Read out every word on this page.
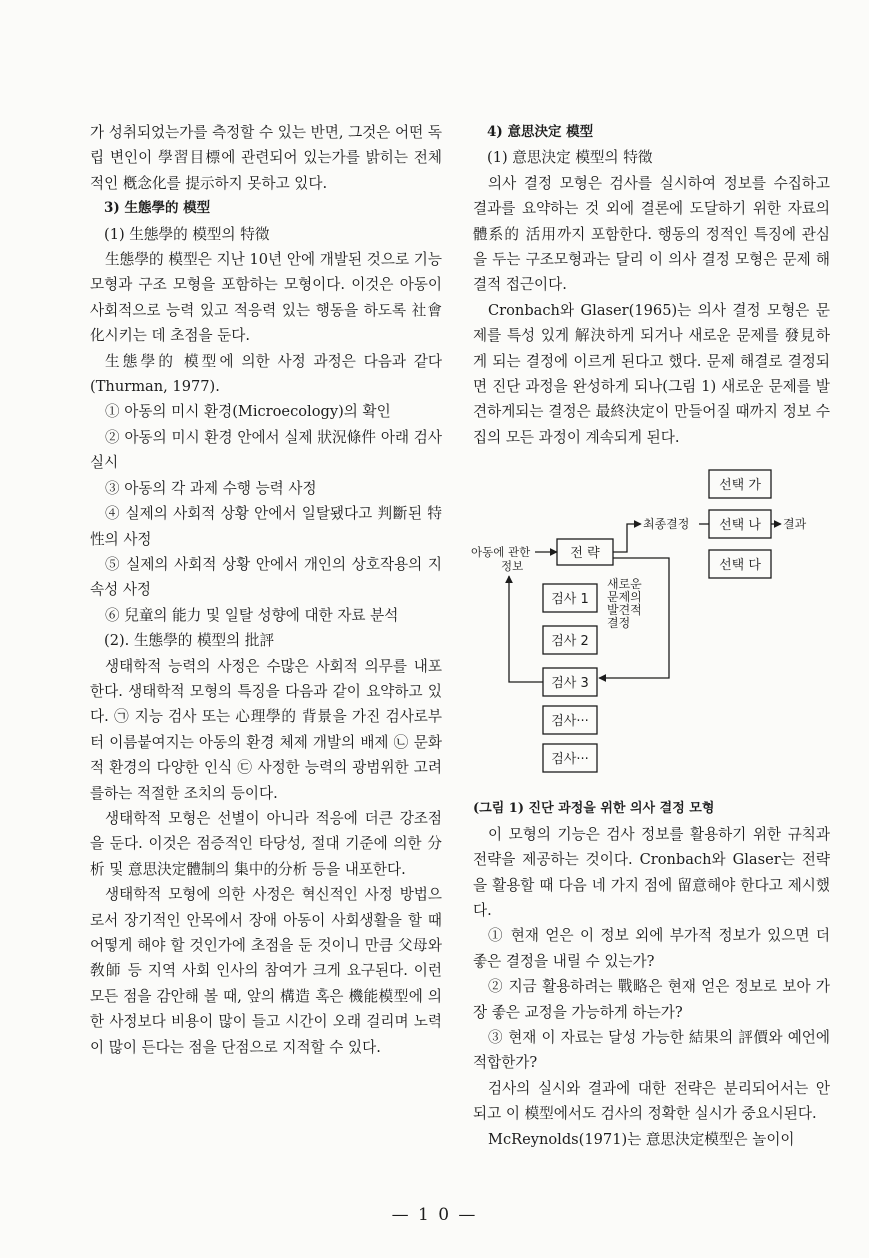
가 성취되었는가를 측정할 수 있는 반면, 그것은 어떤 독립 변인이 學習目標에 관련되어 있는가를 밝히는 전체적인 槪念化를 提示하지 못하고 있다.

3) 生態學的 模型

(1) 生態學的 模型의 特徵

生態學的 模型은 지난 10년 안에 개발된 것으로 기능 모형과 구조 모형을 포함하는 모형이다. 이것은 아동이 사회적으로 능력 있고 적응력 있는 행동을 하도록 社會化시키는 데 초점을 둔다.

生態學的 模型에 의한 사정 과정은 다음과 같다(Thurman, 1977).

① 아동의 미시 환경(Microecology)의 확인

② 아동의 미시 환경 안에서 실제 狀況條件 아래 검사 실시

③ 아동의 각 과제 수행 능력 사정

④ 실제의 사회적 상황 안에서 일탈됐다고 判斷된 特性의 사정

⑤ 실제의 사회적 상황 안에서 개인의 상호작용의 지속성 사정

⑥ 兒童의 能力 및 일탈 성향에 대한 자료 분석

(2). 生態學的 模型의 批評

생태학적 능력의 사정은 수많은 사회적 의무를 내포한다. 생태학적 모형의 특징을 다음과 같이 요약하고 있다. ㉠ 지능 검사 또는 心理學的 背景을 가진 검사로부터 이름붙여지는 아동의 환경 체제 개발의 배제 ㉡ 문화적 환경의 다양한 인식 ㉢ 사정한 능력의 광범위한 고려를하는 적절한 조치의 등이다.

생태학적 모형은 선별이 아니라 적응에 더큰 강조점을 둔다. 이것은 점증적인 타당성, 절대 기준에 의한 分析 및 意思決定體制의 集中的分析 등을 내포한다.

생태학적 모형에 의한 사정은 혁신적인 사정 방법으로서 장기적인 안목에서 장애 아동이 사회생활을 할 때 어떻게 해야 할 것인가에 초점을 둔 것이니 만큼 父母와 敎師 등 지역 사회 인사의 참여가 크게 요구된다. 이런 모든 점을 감안해 볼 때, 앞의 構造 혹은 機能模型에 의한 사정보다 비용이 많이 들고 시간이 오래 걸리며 노력이 많이 든다는 점을 단점으로 지적할 수 있다.

4) 意思決定 模型

(1) 意思決定 模型의 特徵

의사 결정 모형은 검사를 실시하여 정보를 수집하고 결과를 요약하는 것 외에 결론에 도달하기 위한 자료의 體系的 活用까지 포함한다. 행동의 정적인 특징에 관심을 두는 구조모형과는 달리 이 의사 결정 모형은 문제 해결적 접근이다.

Cronbach와 Glaser(1965)는 의사 결정 모형은 문제를 특성 있게 解決하게 되거나 새로운 문제를 發見하게 되는 결정에 이르게 된다고 했다. 문제 해결로 결정되면 진단 과정을 완성하게 되나(그림 1) 새로운 문제를 발견하게되는 결정은 最終決定이 만들어질 때까지 정보 수집의 모든 과정이 계속되게 된다.

선택 가
선택 나
선택 다
최종결정	결과
아동에 관한
정보
전 략
검사 1
검사 2
검사 3
검사···
검사···
새로운
문제의
발견적
결정

(그림 1) 진단 과정을 위한 의사 결정 모형

이 모형의 기능은 검사 정보를 활용하기 위한 규칙과 전략을 제공하는 것이다. Cronbach와 Glaser는 전략을 활용할 때 다음 네 가지 점에 留意해야 한다고 제시했다.

① 현재 얻은 이 정보 외에 부가적 정보가 있으면 더 좋은 결정을 내릴 수 있는가?

② 지금 활용하려는 戰略은 현재 얻은 정보로 보아 가장 좋은 교정을 가능하게 하는가?

③ 현재 이 자료는 달성 가능한 結果의 評價와 예언에 적합한가?

검사의 실시와 결과에 대한 전략은 분리되어서는 안 되고 이 模型에서도 검사의 정확한 실시가 중요시된다.

McReynolds(1971)는 意思決定模型은 놀이이

— 1 0 —
